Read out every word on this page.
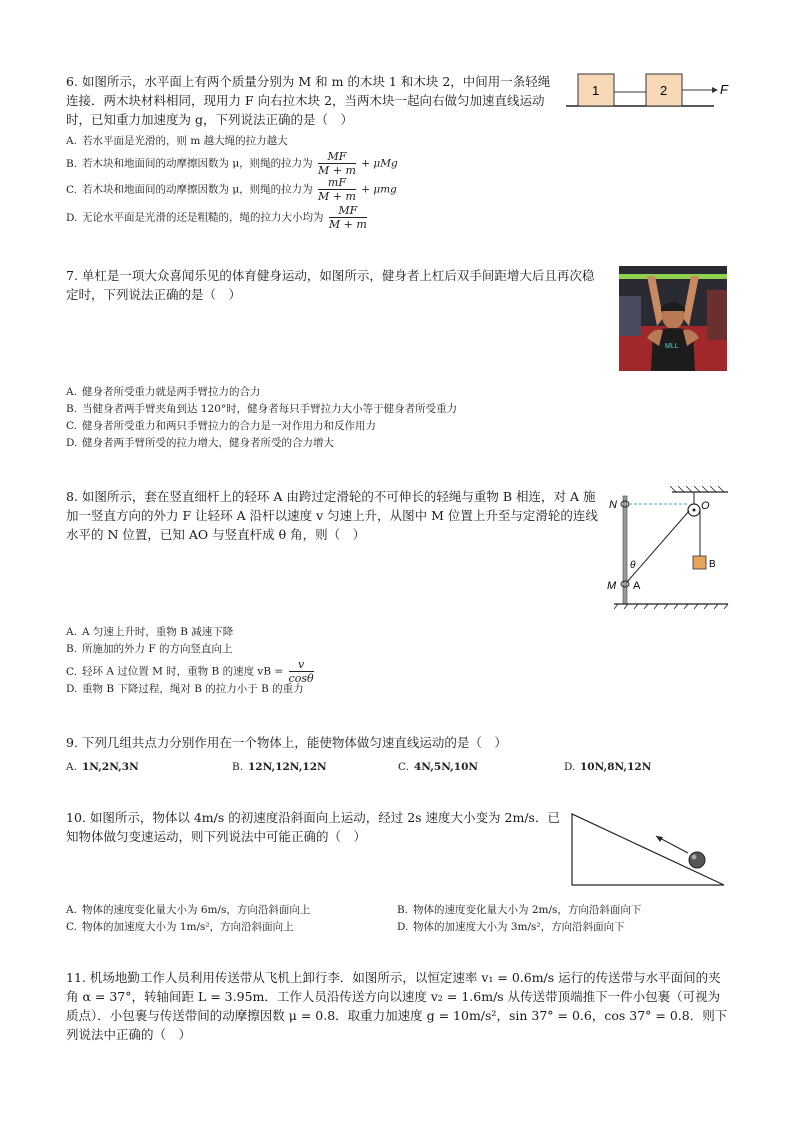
6. 如图所示，水平面上有两个质量分别为 M 和 m 的木块 1 和木块 2，中间用一条轻绳连接．两木块材料相同，现用力 F 向右拉木块 2，当两木块一起向右做匀加速直线运动时，已知重力加速度为 g，下列说法正确的是（　）

1	2	F
A. 若水平面是光滑的，则 m 越大绳的拉力越大
B. 若木块和地面间的动摩擦因数为 μ，则绳的拉力为 $\frac{MF}{M + m} + \mu Mg$
C. 若木块和地面间的动摩擦因数为 μ，则绳的拉力为 $\frac{mF}{M + m} + \mu mg$
D. 无论水平面是光滑的还是粗糙的，绳的拉力大小均为 $\frac{MF}{M + m}$

7. 单杠是一项大众喜闻乐见的体育健身运动，如图所示，健身者上杠后双手间距增大后且再次稳定时，下列说法正确的是（　）

MLL
A. 健身者所受重力就是两手臂拉力的合力
B. 当健身者两手臂夹角到达 120°时，健身者每只手臂拉力大小等于健身者所受重力
C. 健身者所受重力和两只手臂拉力的合力是一对作用力和反作用力
D. 健身者两手臂所受的拉力增大，健身者所受的合力增大

8. 如图所示，套在竖直细杆上的轻环 A 由跨过定滑轮的不可伸长的轻绳与重物 B 相连，对 A 施加一竖直方向的外力 F 让轻环 A 沿杆以速度 v 匀速上升，从图中 M 位置上升至与定滑轮的连线水平的 N 位置，已知 AO 与竖直杆成 θ 角，则（　）

N	O
M A
B
θ
A. A 匀速上升时，重物 B 减速下降
B. 所施加的外力 F 的方向竖直向上
C. 轻环 A 过位置 M 时，重物 B 的速度 vB = $\frac{v}{\cos\theta}$
D. 重物 B 下降过程，绳对 B 的拉力小于 B 的重力

9. 下列几组共点力分别作用在一个物体上，能使物体做匀速直线运动的是（　）

A. 1N,2N,3N	B. 12N,12N,12N	C. 4N,5N,10N	D. 10N,8N,12N

10. 如图所示，物体以 4m/s 的初速度沿斜面向上运动，经过 2s 速度大小变为 2m/s．已知物体做匀变速运动，则下列说法中可能正确的（　）

A. 物体的速度变化量大小为 6m/s，方向沿斜面向上	B. 物体的速度变化量大小为 2m/s，方向沿斜面向下
C. 物体的加速度大小为 1m/s²，方向沿斜面向上	D. 物体的加速度大小为 3m/s²，方向沿斜面向下

11. 机场地勤工作人员利用传送带从飞机上卸行李．如图所示，以恒定速率 v₁ = 0.6m/s 运行的传送带与水平面间的夹角 α = 37°，转轴间距 L = 3.95m．工作人员沿传送方向以速度 v₂ = 1.6m/s 从传送带顶端推下一件小包裹（可视为质点）．小包裹与传送带间的动摩擦因数 μ = 0.8．取重力加速度 g = 10m/s²，sin 37° = 0.6，cos 37° = 0.8．则下列说法中正确的（　）
